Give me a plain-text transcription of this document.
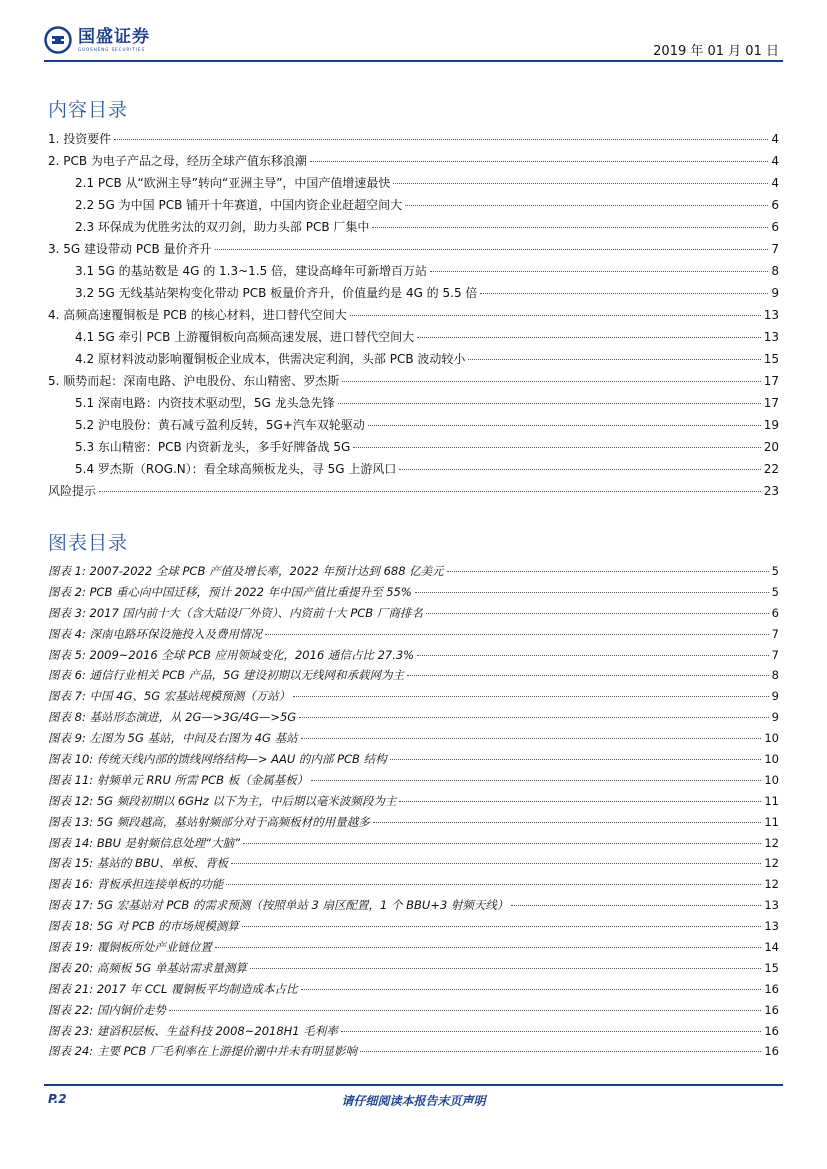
国盛证券
GUOSHENG SECURITIES	2019 年 01 月 01 日
内容目录
1. 投资要件	4
2. PCB 为电子产品之母，经历全球产值东移浪潮	4
2.1 PCB 从“欧洲主导”转向“亚洲主导”，中国产值增速最快	4
2.2 5G 为中国 PCB 铺开十年赛道，中国内资企业赶超空间大	6
2.3 环保成为优胜劣汰的双刃剑，助力头部 PCB 厂集中	6
3. 5G 建设带动 PCB 量价齐升	7
3.1 5G 的基站数是 4G 的 1.3~1.5 倍，建设高峰年可新增百万站	8
3.2 5G 无线基站架构变化带动 PCB 板量价齐升，价值量约是 4G 的 5.5 倍	9
4. 高频高速覆铜板是 PCB 的核心材料，进口替代空间大	13
4.1 5G 牵引 PCB 上游覆铜板向高频高速发展，进口替代空间大	13
4.2 原材料波动影响覆铜板企业成本，供需决定利润，头部 PCB 波动较小	15
5. 顺势而起：深南电路、沪电股份、东山精密、罗杰斯	17
5.1 深南电路：内资技术驱动型，5G 龙头急先锋	17
5.2 沪电股份：黄石减亏盈利反转，5G+汽车双轮驱动	19
5.3 东山精密：PCB 内资新龙头，多手好牌备战 5G	20
5.4 罗杰斯（ROG.N）：看全球高频板龙头，寻 5G 上游风口	22
风险提示	23
图表目录
图表 1: 2007-2022 全球 PCB 产值及增长率，2022 年预计达到 688 亿美元	5
图表 2: PCB 重心向中国迁移，预计 2022 年中国产值比重提升至 55%	5
图表 3: 2017 国内前十大（含大陆设厂外资）、内资前十大 PCB 厂商排名	6
图表 4: 深南电路环保设施投入及费用情况	7
图表 5: 2009~2016 全球 PCB 应用领域变化，2016 通信占比 27.3%	7
图表 6: 通信行业相关 PCB 产品，5G 建设初期以无线网和承载网为主	8
图表 7: 中国 4G、5G 宏基站规模预测（万站）	9
图表 8: 基站形态演进，从 2G—>3G/4G—>5G	9
图表 9: 左图为 5G 基站，中间及右图为 4G 基站	10
图表 10: 传统天线内部的馈线网络结构—> AAU 的内部 PCB 结构	10
图表 11: 射频单元 RRU 所需 PCB 板（金属基板）	10
图表 12: 5G 频段初期以 6GHz 以下为主，中后期以毫米波频段为主	11
图表 13: 5G 频段越高，基站射频部分对于高频板材的用量越多	11
图表 14: BBU 是射频信息处理“大脑”	12
图表 15: 基站的 BBU、单板、背板	12
图表 16: 背板承担连接单板的功能	12
图表 17: 5G 宏基站对 PCB 的需求预测（按照单站 3 扇区配置，1 个 BBU+3 射频天线）	13
图表 18: 5G 对 PCB 的市场规模测算	13
图表 19: 覆铜板所处产业链位置	14
图表 20: 高频板 5G 单基站需求量测算	15
图表 21: 2017 年 CCL 覆铜板平均制造成本占比	16
图表 22: 国内铜价走势	16
图表 23: 建滔积层板、生益科技 2008~2018H1 毛利率	16
图表 24: 主要 PCB 厂毛利率在上游提价潮中并未有明显影响	16
P.2	请仔细阅读本报告末页声明
